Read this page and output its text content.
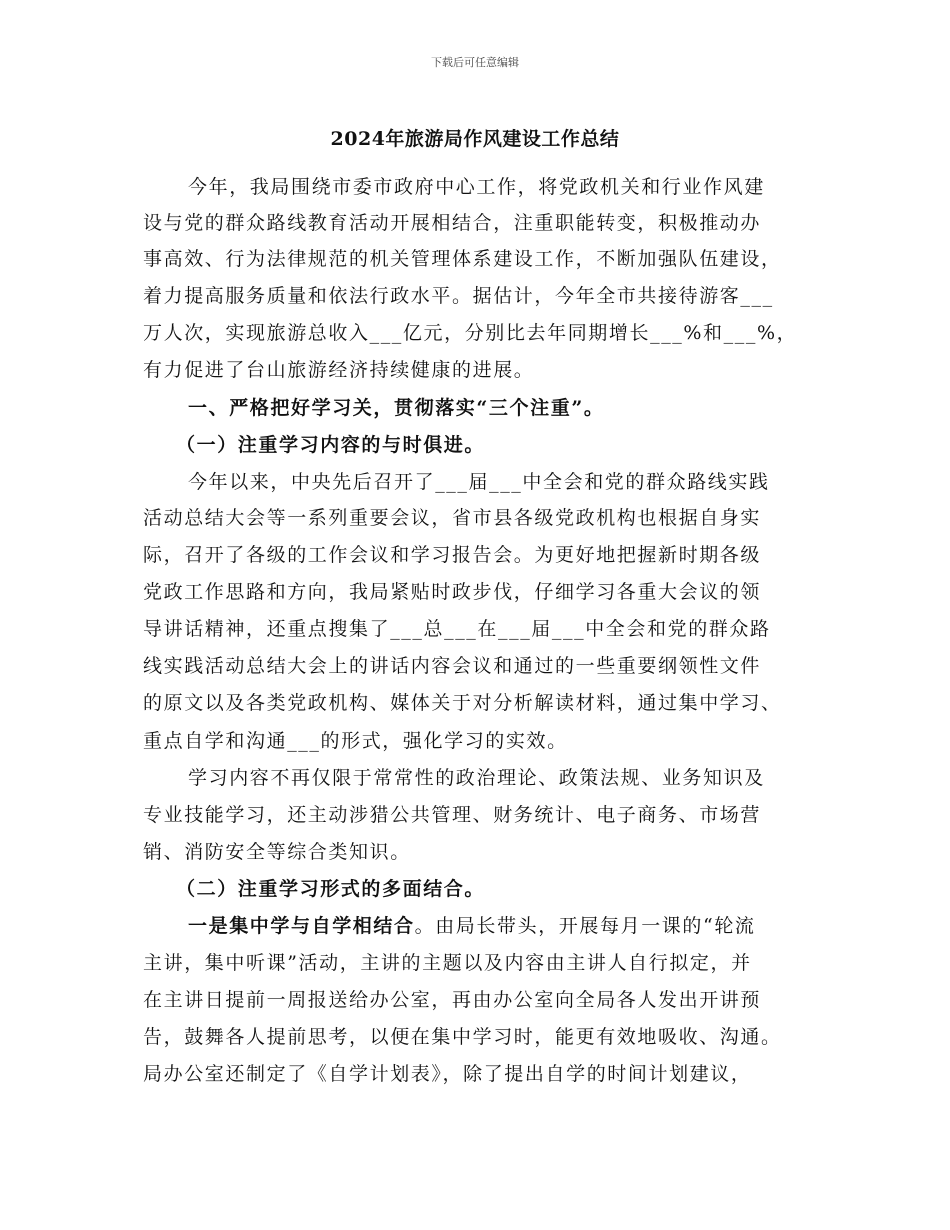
下载后可任意编辑
2024年旅游局作风建设工作总结
今年，我局围绕市委市政府中心工作，将党政机关和行业作风建
设与党的群众路线教育活动开展相结合，注重职能转变，积极推动办
事高效、行为法律规范的机关管理体系建设工作，不断加强队伍建设，
着力提高服务质量和依法行政水平。据估计，今年全市共接待游客___
万人次，实现旅游总收入___亿元，分别比去年同期增长___%和___%，
有力促进了台山旅游经济持续健康的进展。
一、严格把好学习关，贯彻落实“三个注重”。
（一）注重学习内容的与时俱进。
今年以来，中央先后召开了___届___中全会和党的群众路线实践
活动总结大会等一系列重要会议，省市县各级党政机构也根据自身实
际，召开了各级的工作会议和学习报告会。为更好地把握新时期各级
党政工作思路和方向，我局紧贴时政步伐，仔细学习各重大会议的领
导讲话精神，还重点搜集了___总___在___届___中全会和党的群众路
线实践活动总结大会上的讲话内容会议和通过的一些重要纲领性文件
的原文以及各类党政机构、媒体关于对分析解读材料，通过集中学习、
重点自学和沟通___的形式，强化学习的实效。
学习内容不再仅限于常常性的政治理论、政策法规、业务知识及
专业技能学习，还主动涉猎公共管理、财务统计、电子商务、市场营
销、消防安全等综合类知识。
（二）注重学习形式的多面结合。
一是集中学与自学相结合。由局长带头，开展每月一课的“轮流
主讲，集中听课”活动，主讲的主题以及内容由主讲人自行拟定，并
在主讲日提前一周报送给办公室，再由办公室向全局各人发出开讲预
告，鼓舞各人提前思考，以便在集中学习时，能更有效地吸收、沟通。
局办公室还制定了《自学计划表》，除了提出自学的时间计划建议，
